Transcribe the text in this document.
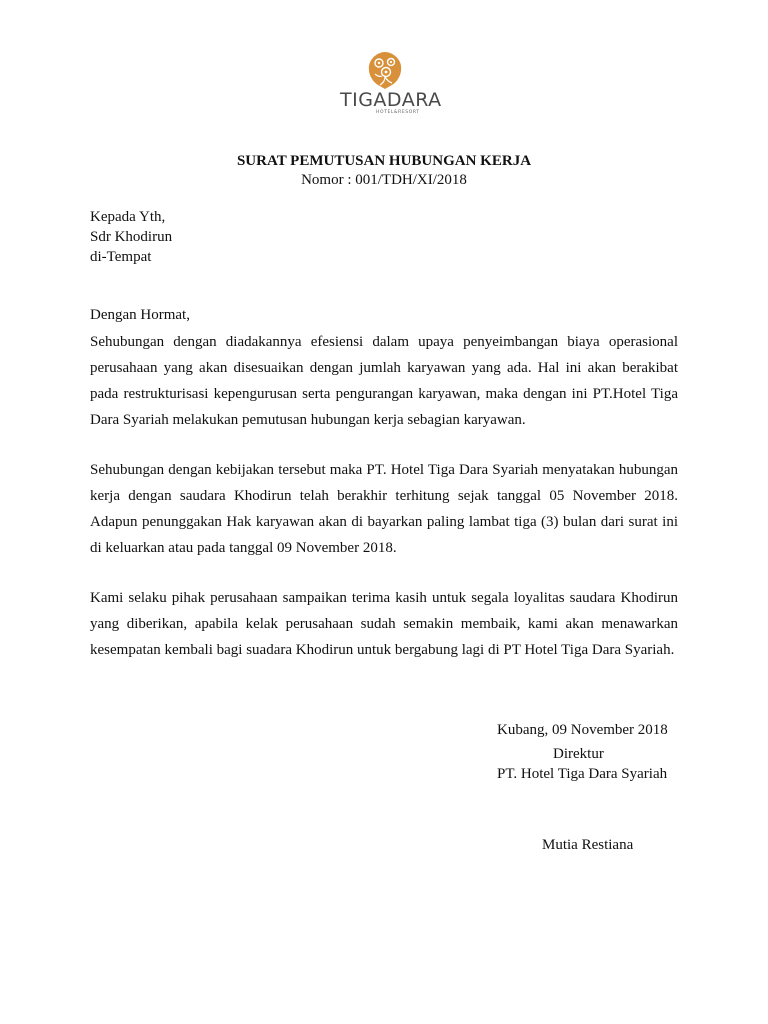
TIGADARA
HOTEL&RESORT
SURAT PEMUTUSAN HUBUNGAN KERJA
Nomor : 001/TDH/XI/2018
Kepada Yth,
Sdr Khodirun
di-Tempat
Dengan Hormat,

Sehubungan dengan diadakannya efesiensi dalam upaya penyeimbangan biaya operasional perusahaan yang akan disesuaikan dengan jumlah karyawan yang ada. Hal ini akan berakibat pada restrukturisasi kepengurusan serta pengurangan karyawan, maka dengan ini PT.Hotel Tiga Dara Syariah melakukan pemutusan hubungan kerja sebagian karyawan.

Sehubungan dengan kebijakan tersebut maka PT. Hotel Tiga Dara Syariah menyatakan hubungan kerja dengan saudara Khodirun telah berakhir terhitung sejak tanggal 05 November 2018. Adapun penunggakan Hak karyawan akan di bayarkan paling lambat tiga (3) bulan dari surat ini di keluarkan atau pada tanggal 09 November 2018.

Kami selaku pihak perusahaan sampaikan terima kasih untuk segala loyalitas saudara Khodirun yang diberikan, apabila kelak perusahaan sudah semakin membaik, kami akan menawarkan kesempatan kembali bagi suadara Khodirun untuk bergabung lagi di PT Hotel Tiga Dara Syariah.

Kubang, 09 November 2018
Direktur
PT. Hotel Tiga Dara Syariah
Mutia Restiana
